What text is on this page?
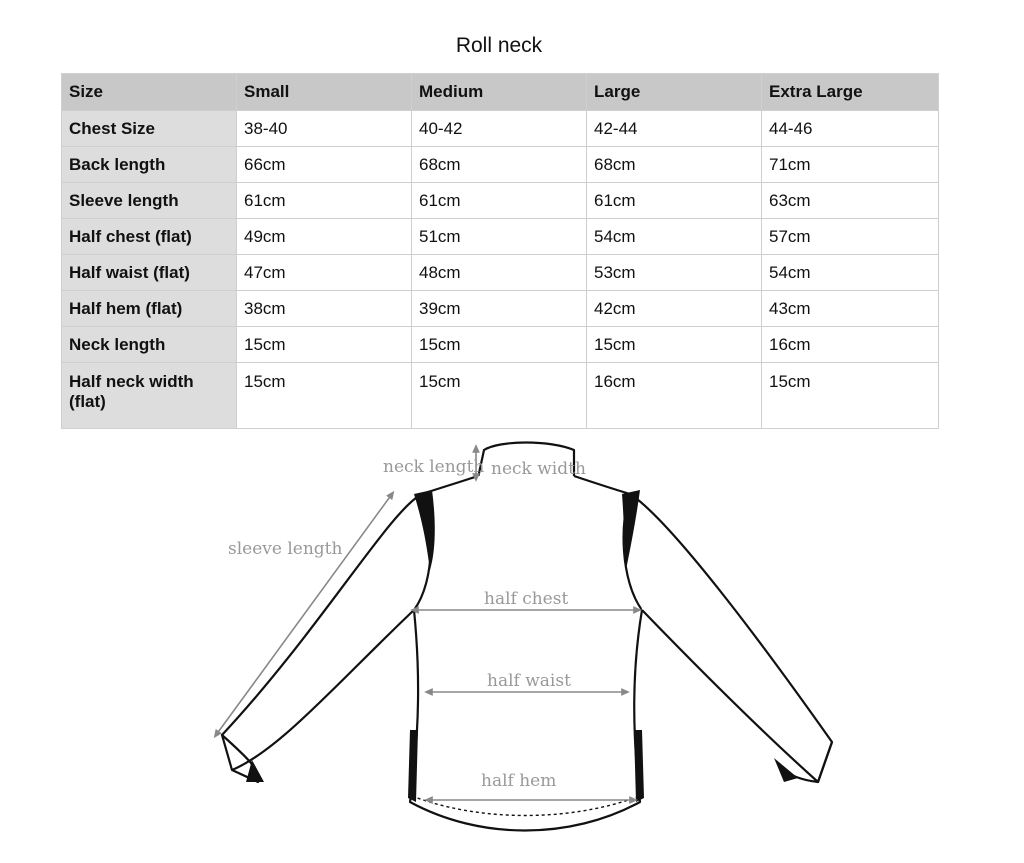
Roll neck
Size	Small	Medium	Large	Extra Large
Chest Size	38-40	40-42	42-44	44-46
Back length	66cm	68cm	68cm	71cm
Sleeve length	61cm	61cm	61cm	63cm
Half chest (flat)	49cm	51cm	54cm	57cm
Half waist (flat)	47cm	48cm	53cm	54cm
Half hem (flat)	38cm	39cm	42cm	43cm
Neck length	15cm	15cm	15cm	16cm
Half neck width (flat)	15cm	15cm	16cm	15cm
neck length neck width
sleeve length
half chest
half waist
half hem
